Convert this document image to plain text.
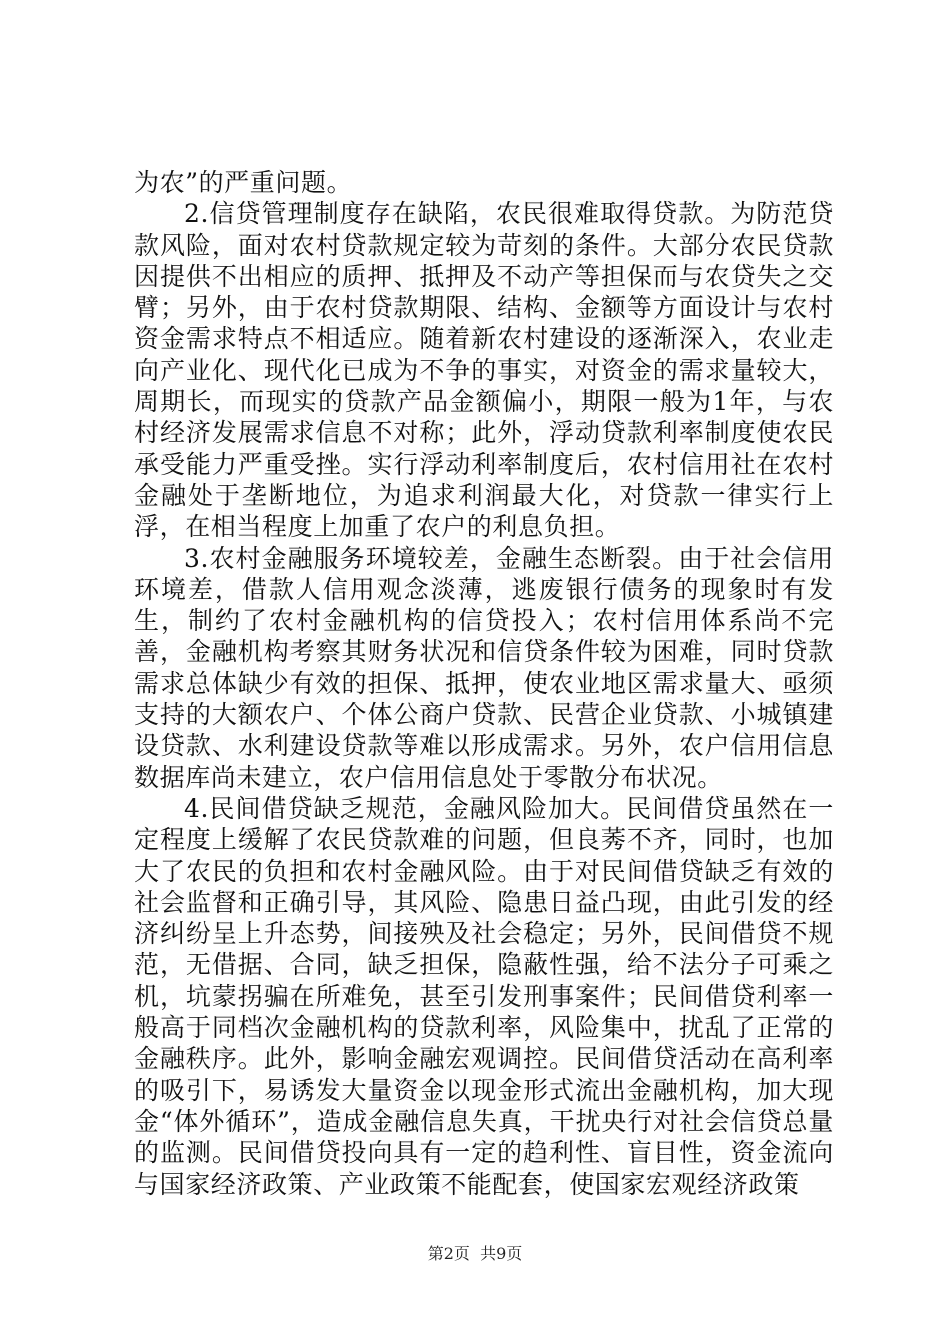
为农”的严重问题。

2.信贷管理制度存在缺陷，农民很难取得贷款。为防范贷款风险，面对农村贷款规定较为苛刻的条件。大部分农民贷款因提供不出相应的质押、抵押及不动产等担保而与农贷失之交臂；另外，由于农村贷款期限、结构、金额等方面设计与农村资金需求特点不相适应。随着新农村建设的逐渐深入，农业走向产业化、现代化已成为不争的事实，对资金的需求量较大，周期长，而现实的贷款产品金额偏小，期限一般为1年，与农村经济发展需求信息不对称；此外，浮动贷款利率制度使农民承受能力严重受挫。实行浮动利率制度后，农村信用社在农村金融处于垄断地位，为追求利润最大化，对贷款一律实行上浮，在相当程度上加重了农户的利息负担。

3.农村金融服务环境较差，金融生态断裂。由于社会信用环境差，借款人信用观念淡薄，逃废银行债务的现象时有发生，制约了农村金融机构的信贷投入；农村信用体系尚不完善，金融机构考察其财务状况和信贷条件较为困难，同时贷款需求总体缺少有效的担保、抵押，使农业地区需求量大、亟须支持的大额农户、个体公商户贷款、民营企业贷款、小城镇建设贷款、水利建设贷款等难以形成需求。另外，农户信用信息数据库尚未建立，农户信用信息处于零散分布状况。

4.民间借贷缺乏规范，金融风险加大。民间借贷虽然在一定程度上缓解了农民贷款难的问题，但良莠不齐，同时，也加大了农民的负担和农村金融风险。由于对民间借贷缺乏有效的社会监督和正确引导，其风险、隐患日益凸现，由此引发的经济纠纷呈上升态势，间接殃及社会稳定；另外，民间借贷不规范，无借据、合同，缺乏担保，隐蔽性强，给不法分子可乘之机，坑蒙拐骗在所难免，甚至引发刑事案件；民间借贷利率一般高于同档次金融机构的贷款利率，风险集中，扰乱了正常的金融秩序。此外，影响金融宏观调控。民间借贷活动在高利率的吸引下，易诱发大量资金以现金形式流出金融机构，加大现金“体外循环”，造成金融信息失真，干扰央行对社会信贷总量的监测。民间借贷投向具有一定的趋利性、盲目性，资金流向与国家经济政策、产业政策不能配套，使国家宏观经济政策

第2页  共9页
